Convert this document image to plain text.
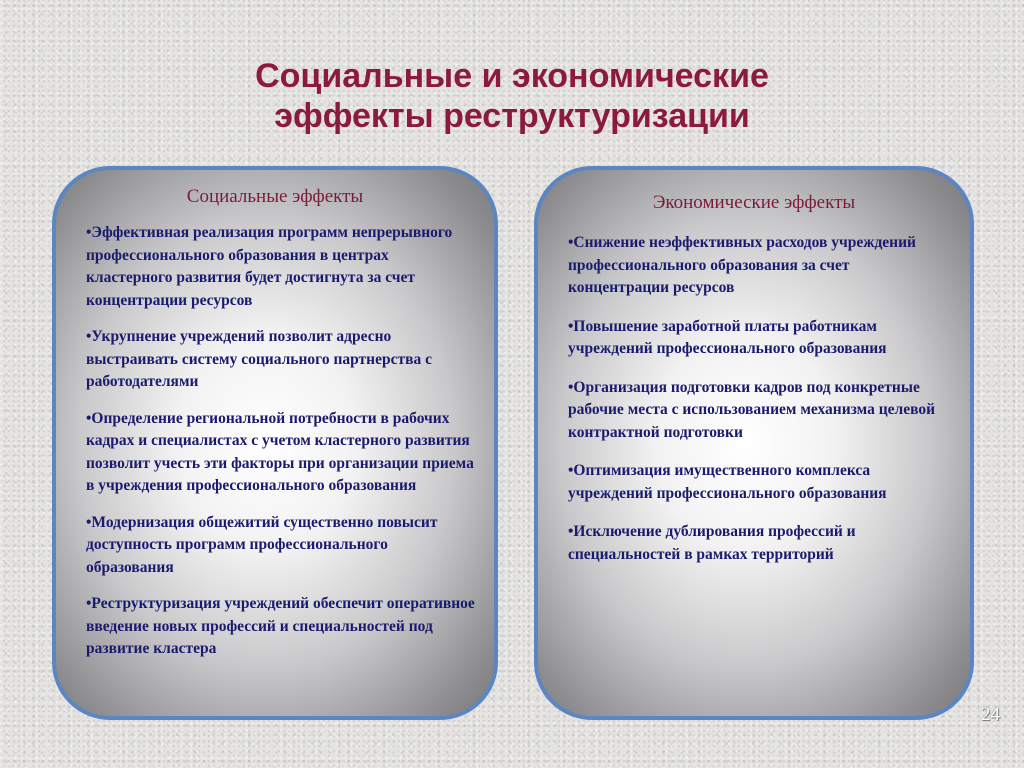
Социальные и экономические
эффекты реструктуризации
Социальные эффекты
•Эффективная реализация программ непрерывного профессионального образования в центрах кластерного развития будет достигнута за счет концентрации ресурсов
•Укрупнение учреждений позволит адресно выстраивать систему социального партнерства с работодателями
•Определение региональной потребности в рабочих кадрах и специалистах с учетом кластерного развития позволит учесть эти факторы при организации приема в учреждения профессионального образования
•Модернизация общежитий существенно повысит доступность программ профессионального образования
•Реструктуризация учреждений обеспечит оперативное введение новых профессий и специальностей под развитие кластера
Экономические эффекты
•Снижение неэффективных расходов учреждений профессионального образования за счет концентрации ресурсов
•Повышение заработной платы работникам учреждений профессионального образования
•Организация подготовки кадров под конкретные рабочие места с использованием механизма целевой контрактной подготовки
•Оптимизация имущественного комплекса учреждений профессионального образования
•Исключение дублирования профессий и специальностей в рамках территорий
24
